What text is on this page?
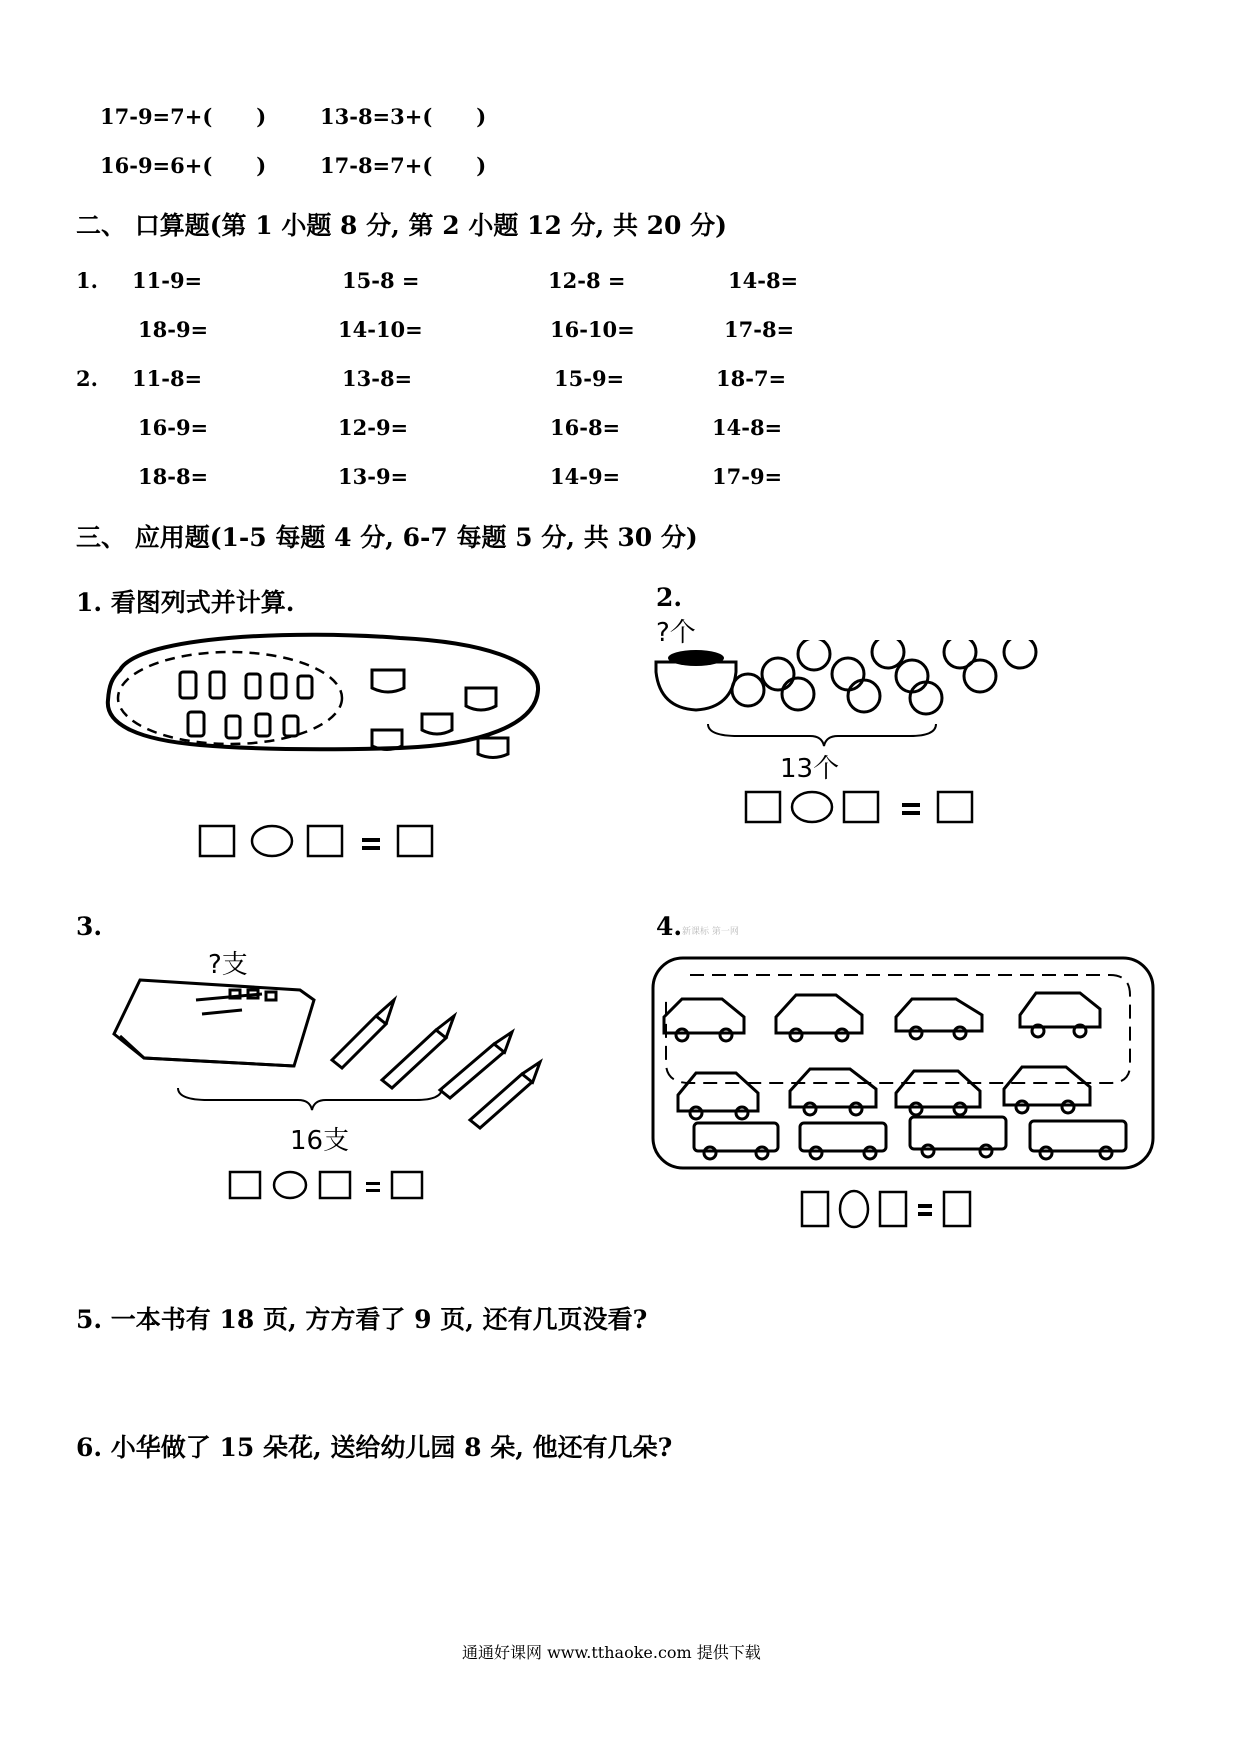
17-9=7+( )	13-8=3+( )
16-9=6+( )	17-8=7+( )
二、 口算题(第 1 小题 8 分, 第 2 小题 12 分, 共 20 分)
1. 11-9=	15-8 =	12-8 =	14-8=
18-9=	14-10=	16-10=	17-8=
2. 11-8=	13-8=	15-9=	18-7=
16-9=	12-9=	16-8=	14-8=
18-8=	13-9=	14-9=	17-9=
三、 应用题(1-5 每题 4 分, 6-7 每题 5 分, 共 30 分)
1. 看图列式并计算.	2.
?个
13个
3.
?支
16支
4. 新课标 第一网
5. 一本书有 18 页, 方方看了 9 页, 还有几页没看?
6. 小华做了 15 朵花, 送给幼儿园 8 朵, 他还有几朵?
通通好课网 www.tthaoke.com 提供下载
